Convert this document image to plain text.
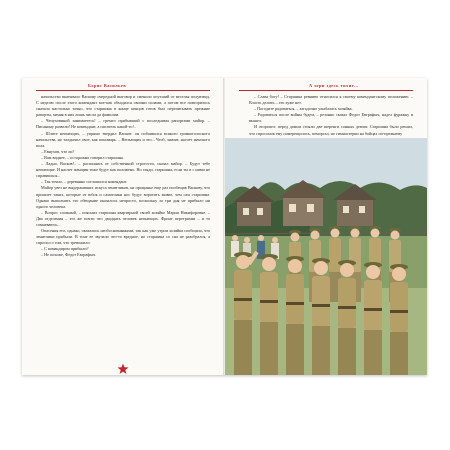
Борис Васильев

начальство вкатывало Васкову очередной выговор и сменило опухший от веселья полувзвод. С неделю после этого комендант кое-как обходился своими силами, а потом все повторилось сначала настолько точно, что старшина в конце концов готов был переписывать прежние рапорты, меняя в них лишь числа да фамилии.

– Чепуховиной занимаетесь! – гремел прибывший с последними рапортами майор. – Писанину развели! Не комендант, а писатель какой-то!..

– Шлите непьющих, – упрямо твердил Васков: он побаивался всякого громкоголосного начальства, но талдычил свое, как пономарь. – Непьющих и это... Чтоб, значит, насчет женского пола.

– Евнухов, что ли?

– Вам виднее, – осторожно говорил старшина.

– Ладно, Васков!.. – распаляясь от собственной строгости, сказал майор. – Будут тебе непьющие. И насчет женщин тоже будут как положено. Но гляди, старшина, если ты и с ними не справишься...

– Так точно, – деревянно соглашался комендант.

Майор увез не выдержавших искуса зенитчиков, на прощанье еще раз пообещав Васкову, что пришлет таких, которые от юбок и самогонки нос будут воротить живее, чем сам старшина. Однако выполнить это обещание оказалось непросто, поскольку за три дня не прибыло ни одного человека.

– Вопрос сложный, – пояснил старшина квартирной своей хозяйке Марии Никифоровне. – Два отделения – это же почти что двадцать человек непьющих. Фронт перетряхни – и то сомневаюсь...

Опасения его, однако, оказались необоснованными, так как уже утром хозяйка сообщила, что зенитчики прибыли. В тоне ее звучало что-то вредное, но старшина со сна не разобрался, а спросил о том, что тревожило:

– С командиром прибыли?

– Не похоже, Федот Евграфыч.

А зори здесь тихие...

– Слава богу! – Старшина ревниво относился к своему комендантскому положению. – Власть делить – это хуже нет.

– Погодите радоваться, – загадочно улыбалась хозяйка.

– Радоваться после войны будем, – резонно сказал Федот Евграфыч, надел фуражку и вышел.

И оторопел: перед домом стояли две шеренги сонных девчат. Старшина было решил, что спросонок ему померещилось, поморгал, но гимнастерки на бойцах по-прежнему
